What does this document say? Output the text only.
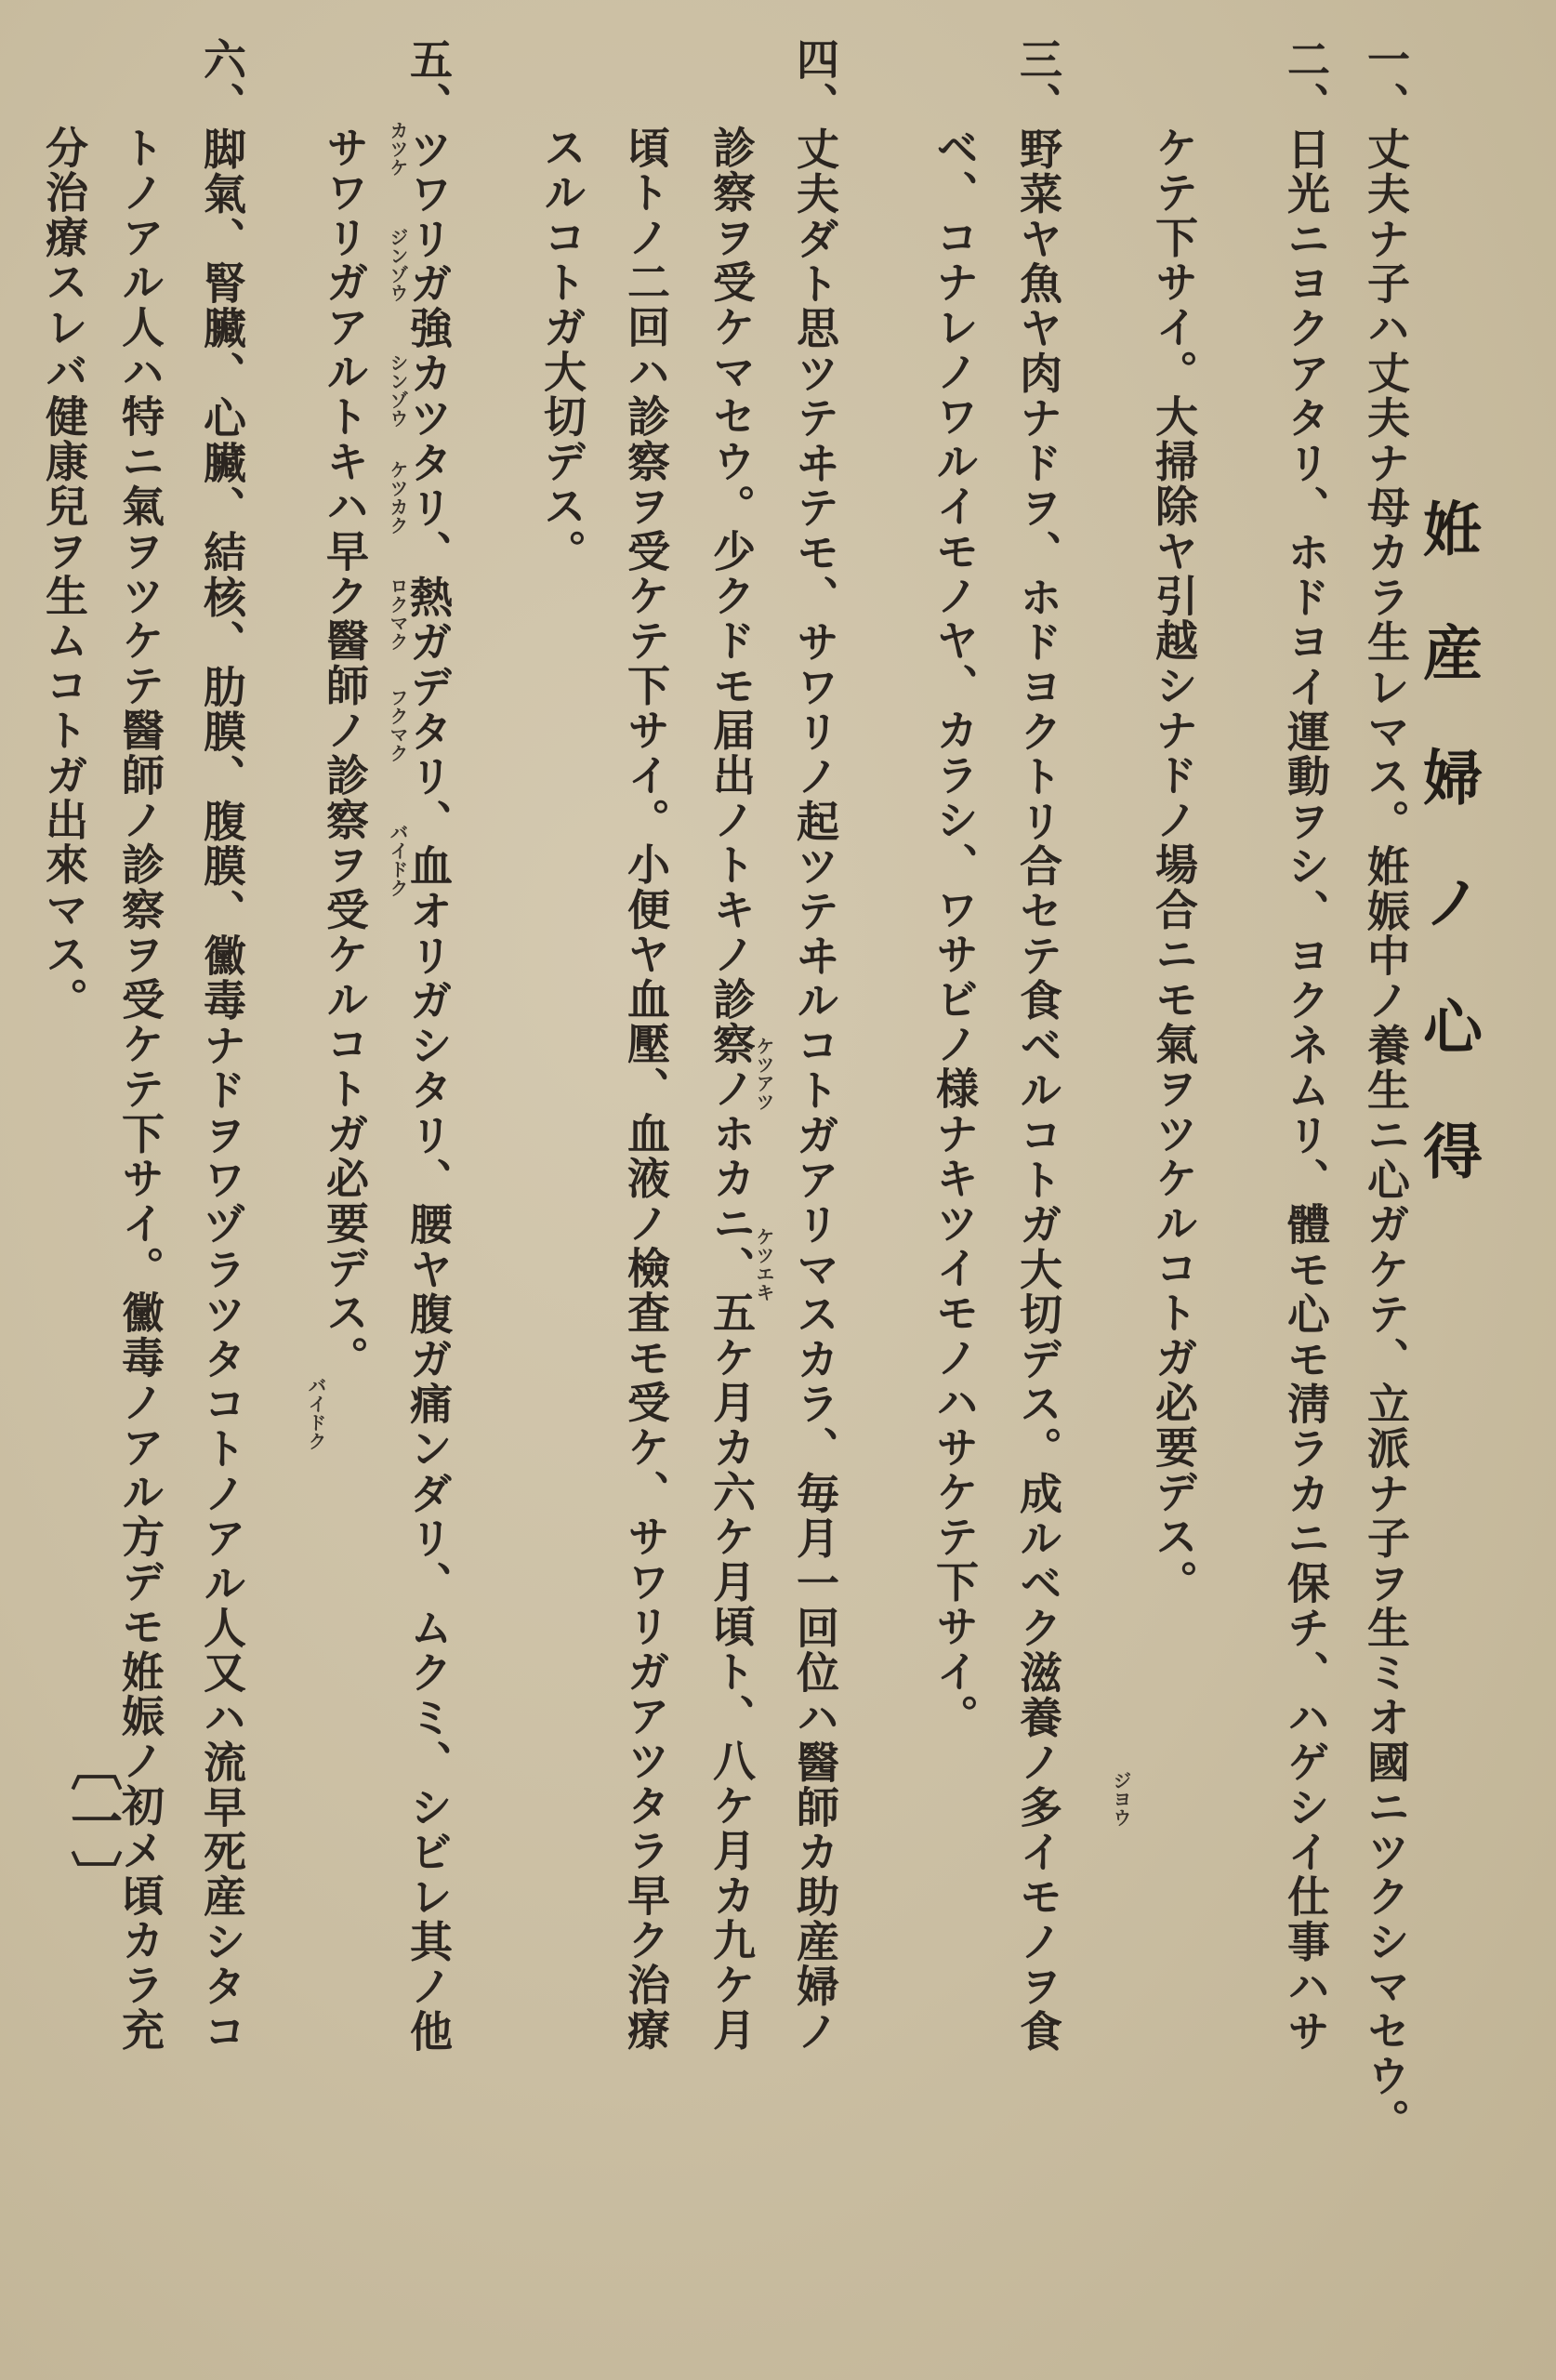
姙産婦ノ心得
一、丈夫ナ子ハ丈夫ナ母カラ生レマス。姙娠中ノ養生ニ心ガケテ、立派ナ子ヲ生ミオ國ニツクシマセウ。
二、日光ニヨクアタリ、ホドヨイ運動ヲシ、ヨクネムリ、體モ心モ淸ラカニ保チ、ハゲシイ仕事ハサ
ケテ下サイ。大掃除ヤ引越シナドノ場合ニモ氣ヲツケルコトガ必要デス。
三、野菜ヤ魚ヤ肉ナドヲ、ホドヨクトリ合セテ食ベルコトガ大切デス。成ルベク滋養ノ多イモノヲ食
ベ、コナレノワルイモノヤ、カラシ、ワサビノ様ナキツイモノハサケテ下サイ。
四、丈夫ダト思ツテヰテモ、サワリノ起ツテヰルコトガアリマスカラ、毎月一回位ハ醫師カ助産婦ノ
診察ヲ受ケマセウ。少クドモ届出ノトキノ診察ノホカニ、五ケ月カ六ケ月頃ト、八ケ月カ九ケ月
頃トノ二回ハ診察ヲ受ケテ下サイ。小便ヤ血壓、血液ノ檢査モ受ケ、サワリガアツタラ早ク治療
スルコトガ大切デス。
五、ツワリガ強カツタリ、熱ガデタリ、血オリガシタリ、腰ヤ腹ガ痛ンダリ、ムクミ、シビレ其ノ他
サワリガアルトキハ早ク醫師ノ診察ヲ受ケルコトガ必要デス。
六、脚氣、腎臟、心臟、結核、肋膜、腹膜、黴毒ナドヲワヅラツタコトノアル人又ハ流早死産シタコ
トノアル人ハ特ニ氣ヲツケテ醫師ノ診察ヲ受ケテ下サイ。黴毒ノアル方デモ姙娠ノ初メ頃カラ充
分治療スレバ健康兒ヲ生ムコトガ出來マス。
ジヨウ
ケツアツ
ケツエキ
カツケ
ジンゾウ
シンゾウ
ケツカク
ロクマク
フクマク
バイドク
バイドク
〔一〕
